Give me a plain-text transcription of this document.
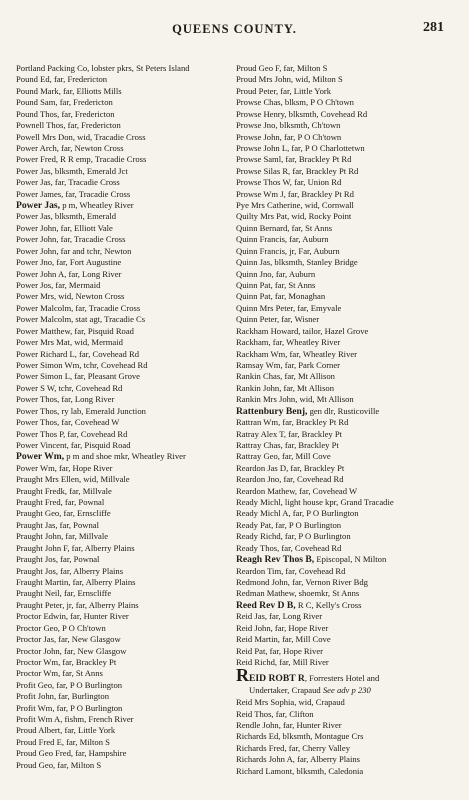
QUEENS COUNTY.	281
Portland Packing Co, lobster pkrs, St Peters Island
Pound Ed, far, Fredericton
Pound Mark, far, Elliotts Mills
Pound Sam, far, Fredericton
Pound Thos, far, Fredericton
Pownell Thos, far, Fredericton
Powell Mrs Don, wid, Tracadie Cross
Power Arch, far, Newton Cross
Power Fred, R R emp, Tracadie Cross
Power Jas, blksmth, Emerald Jct
Power Jas, far, Tracadie Cross
Power James, far, Tracadie Cross
Power Jas, p m, Wheatley River
Power Jas, blksmth, Emerald
Power John, far, Elliott Vale
Power John, far, Tracadie Cross
Power John, far and tchr, Newton
Power Jno, far, Fort Augustine
Power John A, far, Long River
Power Jos, far, Mermaid
Power Mrs, wid, Newton Cross
Power Malcolm, far, Tracadie Cross
Power Malcolm, stat agt, Tracadie Cs
Power Matthew, far, Pisquid Road
Power Mrs Mat, wid, Mermaid
Power Richard L, far, Covehead Rd
Power Simon Wm, tchr, Covehead Rd
Power Simon L, far, Pleasant Grove
Power S W, tchr, Covehead Rd
Power Thos, far, Long River
Power Thos, ry lab, Emerald Junction
Power Thos, far, Covehead W
Power Thos P, far, Covehead Rd
Power Vincent, far, Pisquid Road
Power Wm, p m and shoe mkr, Wheatley River
Power Wm, far, Hope River
Praught Mrs Ellen, wid, Millvale
Praught Fredk, far, Millvale
Praught Fred, far, Pownal
Praught Geo, far, Ernscliffe
Praught Jas, far, Pownal
Praught John, far, Millvale
Praught John F, far, Alberry Plains
Praught Jos, far, Pownal
Praught Jos, far, Alberry Plains
Fraught Martin, far, Alberry Plains
Praught Neil, far, Ernscliffe
Praught Peter, jr, far, Alberry Plains
Proctor Edwin, far, Hunter River
Proctor Geo, P O Ch'town
Proctor Jas, far, New Glasgow
Proctor John, far, New Glasgow
Proctor Wm, far, Brackley Pt
Proctor Wm, far, St Anns
Profit Geo, far, P O Burlington
Profit John, far, Burlington
Profit Wm, far, P O Burlington
Profit Wm A, fishm, French River
Proud Albert, far, Little York
Proud Fred E, far, Milton S
Proud Geo Fred, far, Hampshire
Proud Geo, far, Milton S
Proud Geo F, far, Milton S
Proud Mrs John, wid, Milton S
Proud Peter, far, Little York
Prowse Chas, blksm, P O Ch'town
Prowse Henry, blksmth, Covehead Rd
Prowse Jno, blksmth, Ch'town
Prowse John, far, P O Ch'town
Prowse John L, far, P O Charlottetwn
Prowse Saml, far, Brackley Pt Rd
Prowse Silas R, far, Brackley Pt Rd
Prowse Thos W, far, Union Rd
Prowse Wm J, far, Brackley Pt Rd
Pye Mrs Catherine, wid, Cornwall
Quilty Mrs Pat, wid, Rocky Point
Quinn Bernard, far, St Anns
Quinn Francis, far, Auburn
Quinn Francis, jr, Far, Auburn
Quinn Jas, blksmth, Stanley Bridge
Quinn Jno, far, Auburn
Quinn Pat, far, St Anns
Quinn Pat, far, Monaghan
Quinn Mrs Peter, far, Emyvale
Quinn Peter, far, Wisner
Rackham Howard, tailor, Hazel Grove
Rackham, far, Wheatley River
Rackham Wm, far, Wheatley River
Ramsay Wm, far, Park Corner
Rankin Chas, far, Mt Allison
Rankin John, far, Mt Allison
Rankin Mrs John, wid, Mt Allison
Rattenbury Benj, gen dlr, Rusticoville
Rattran Wm, far, Brackley Pt Rd
Ratray Alex T, far, Brackley Pt
Rattray Chas, far, Brackley Pt
Rattray Geo, far, Mill Cove
Reardon Jas D, far, Brackley Pt
Reardon Jno, far, Covehead Rd
Reardon Mathew, far, Covehead W
Ready Michl, light house kpr, Grand Tracadie
Ready Michl A, far, P O Burlington
Ready Pat, far, P O Burlington
Ready Richd, far, P O Burlington
Ready Thos, far, Covehead Rd
Reagh Rev Thos B, Episcopal, N Milton
Reardon Tim, far, Covehead Rd
Redmond John, far, Vernon River Bdg
Redman Mathew, shoemkr, St Anns
Reed Rev D B, R C, Kelly's Cross
Reid Jas, far, Long River
Reid John, far, Hope River
Reid Martin, far, Mill Cove
Reid Pat, far, Hope River
Reid Richd, far, Mill River
REID ROBT R, Forresters Hotel and
Undertaker, Crapaud See adv p 230
Reid Mrs Sophia, wid, Crapaud
Reid Thos, far, Clifton
Rendle John, far, Hunter River
Richards Ed, blksmth, Montague Crs
Richards Fred, far, Cherry Valley
Richards John A, far, Alberry Plains
Richard Lamont, blksmth, Caledonia
